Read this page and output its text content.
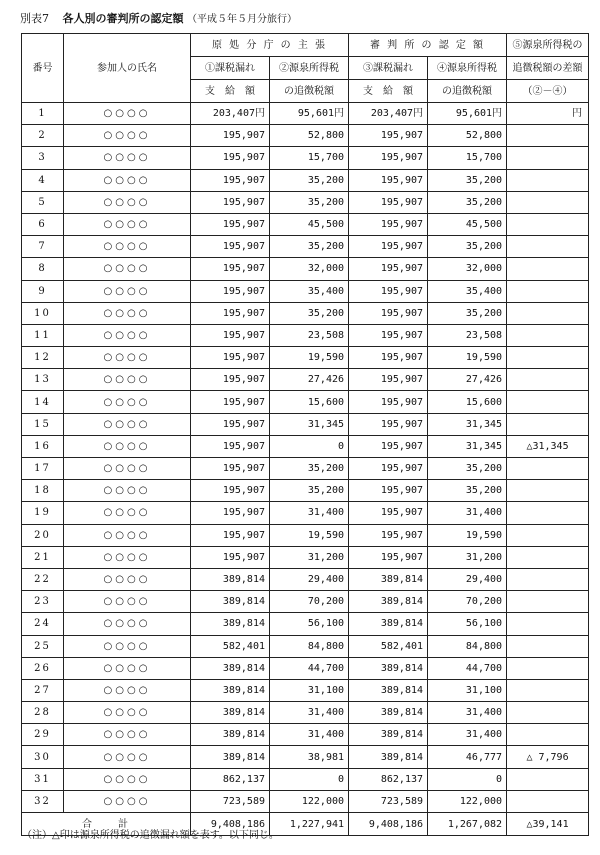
別表7 各人別の審判所の認定額 （平成５年５月分旅行）
番号	参加人の氏名	原 処 分 庁 の 主 張		審 判 所 の 認 定 額		⑤源泉所得税の
		①課税漏れ	②源泉所得税	③課税漏れ	④源泉所得税	追徴税額の差額
		支　給　額	の追徴税額	支　給　額	の追徴税額	（②－④）
1	○○○○	203,407円	95,601円	203,407円	95,601円	円
2	○○○○	195,907	52,800	195,907	52,800	
3	○○○○	195,907	15,700	195,907	15,700	
4	○○○○	195,907	35,200	195,907	35,200	
5	○○○○	195,907	35,200	195,907	35,200	
6	○○○○	195,907	45,500	195,907	45,500	
7	○○○○	195,907	35,200	195,907	35,200	
8	○○○○	195,907	32,000	195,907	32,000	
9	○○○○	195,907	35,400	195,907	35,400	
10	○○○○	195,907	35,200	195,907	35,200	
11	○○○○	195,907	23,508	195,907	23,508	
12	○○○○	195,907	19,590	195,907	19,590	
13	○○○○	195,907	27,426	195,907	27,426	
14	○○○○	195,907	15,600	195,907	15,600	
15	○○○○	195,907	31,345	195,907	31,345	
16	○○○○	195,907	0	195,907	31,345	△31,345
17	○○○○	195,907	35,200	195,907	35,200	
18	○○○○	195,907	35,200	195,907	35,200	
19	○○○○	195,907	31,400	195,907	31,400	
20	○○○○	195,907	19,590	195,907	19,590	
21	○○○○	195,907	31,200	195,907	31,200	
22	○○○○	389,814	29,400	389,814	29,400	
23	○○○○	389,814	70,200	389,814	70,200	
24	○○○○	389,814	56,100	389,814	56,100	
25	○○○○	582,401	84,800	582,401	84,800	
26	○○○○	389,814	44,700	389,814	44,700	
27	○○○○	389,814	31,100	389,814	31,100	
28	○○○○	389,814	31,400	389,814	31,400	
29	○○○○	389,814	31,400	389,814	31,400	
30	○○○○	389,814	38,981	389,814	46,777	△ 7,796
31	○○○○	862,137	0	862,137	0	
32	○○○○	723,589	122,000	723,589	122,000	
合　　計		9,408,186	1,227,941	9,408,186	1,267,082	△39,141
（注）△印は源泉所得税の追徴漏れ額を表す。以下同じ。
